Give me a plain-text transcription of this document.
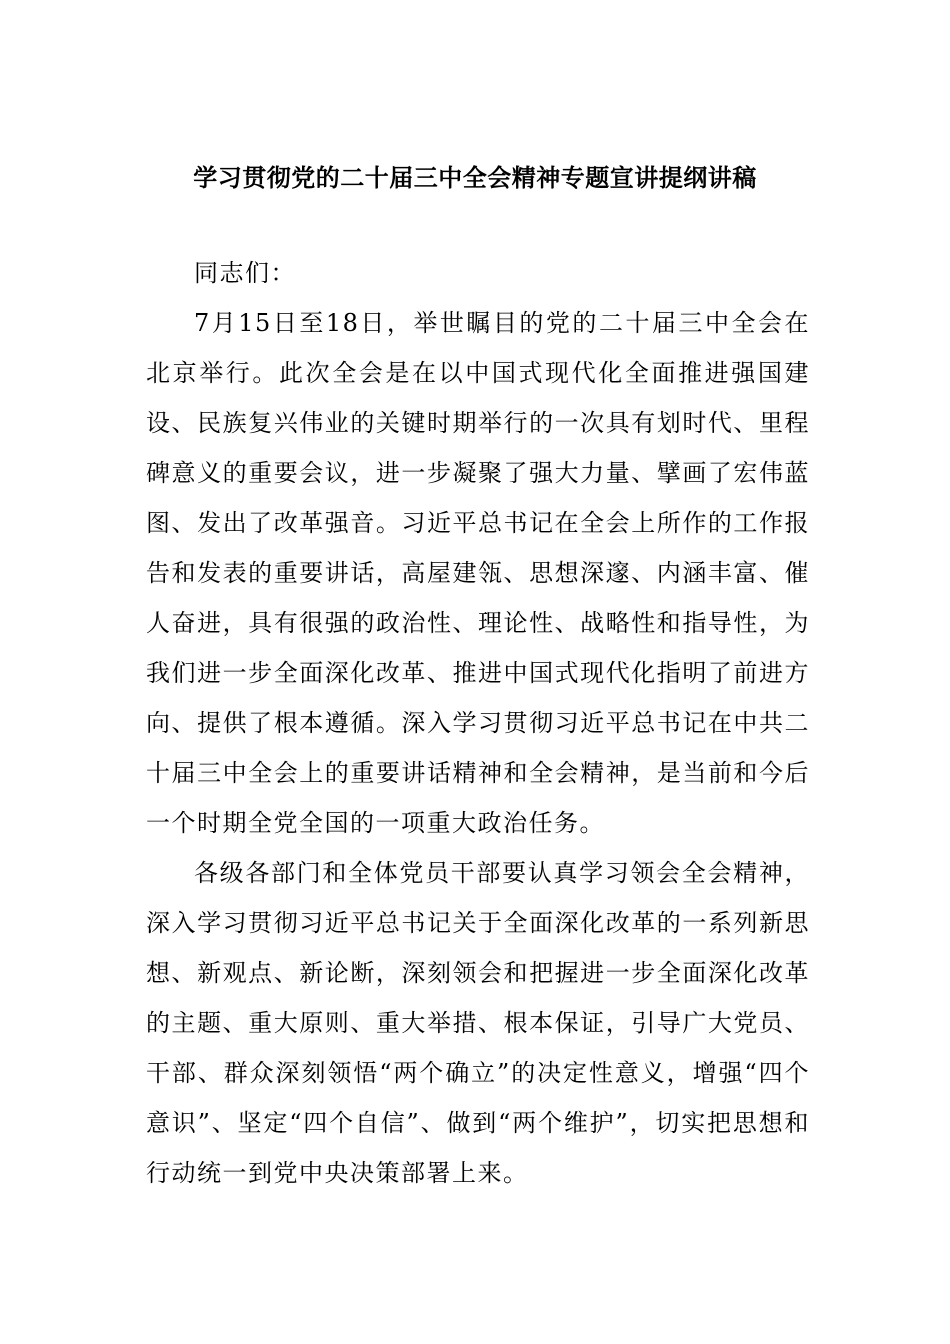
学习贯彻党的二十届三中全会精神专题宣讲提纲讲稿

同志们：

7月15日至18日，举世瞩目的党的二十届三中全会在北京举行。此次全会是在以中国式现代化全面推进强国建设、民族复兴伟业的关键时期举行的一次具有划时代、里程碑意义的重要会议，进一步凝聚了强大力量、擘画了宏伟蓝图、发出了改革强音。习近平总书记在全会上所作的工作报告和发表的重要讲话，高屋建瓴、思想深邃、内涵丰富、催人奋进，具有很强的政治性、理论性、战略性和指导性，为我们进一步全面深化改革、推进中国式现代化指明了前进方向、提供了根本遵循。深入学习贯彻习近平总书记在中共二十届三中全会上的重要讲话精神和全会精神，是当前和今后一个时期全党全国的一项重大政治任务。

各级各部门和全体党员干部要认真学习领会全会精神，深入学习贯彻习近平总书记关于全面深化改革的一系列新思想、新观点、新论断，深刻领会和把握进一步全面深化改革的主题、重大原则、重大举措、根本保证，引导广大党员、干部、群众深刻领悟“两个确立”的决定性意义，增强“四个意识”、坚定“四个自信”、做到“两个维护”，切实把思想和行动统一到党中央决策部署上来。
